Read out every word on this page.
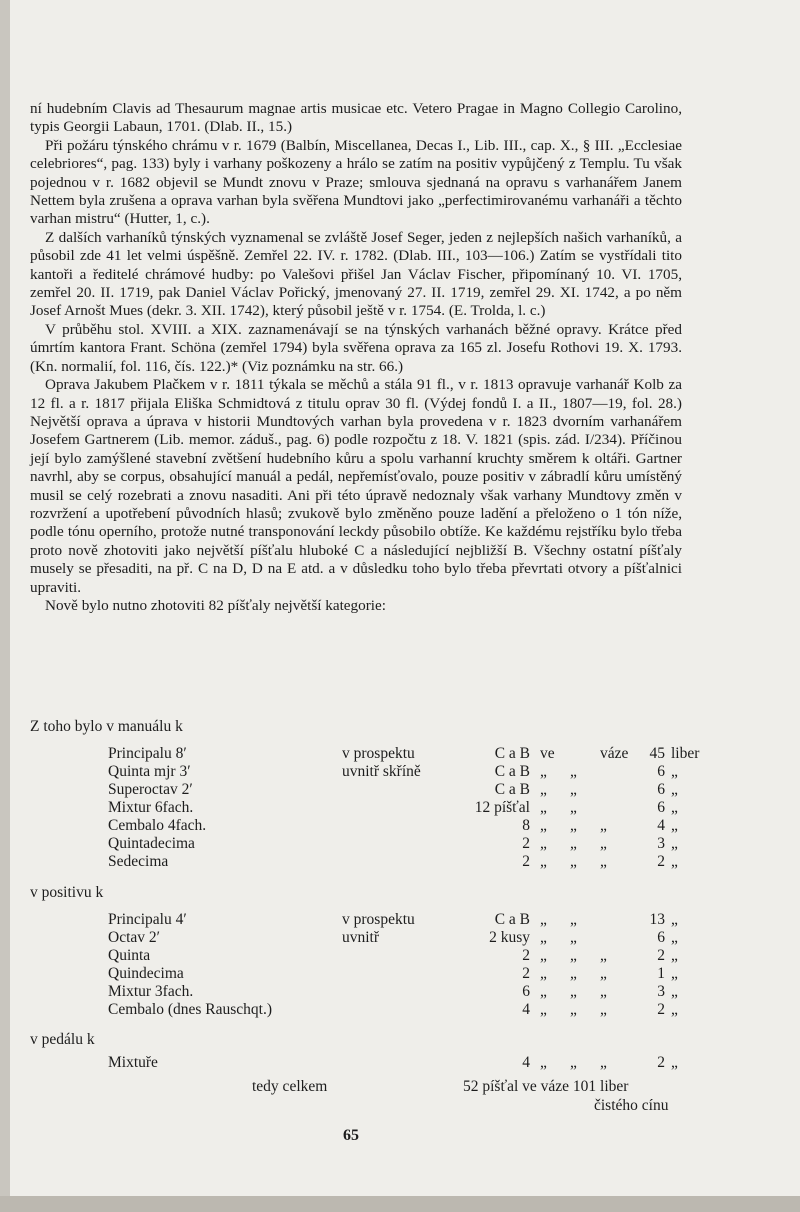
ní hudebním Clavis ad Thesaurum magnae artis musicae etc. Vetero Pragae in Magno Collegio Carolino, typis Georgii Labaun, 1701. (Dlab. II., 15.)

Při požáru týnského chrámu v r. 1679 (Balbín, Miscellanea, Decas I., Lib. III., cap. X., § III. „Ecclesiae celebriores“, pag. 133) byly i varhany poškozeny a hrálo se zatím na positiv vypůjčený z Templu. Tu však pojednou v r. 1682 objevil se Mundt znovu v Praze; smlouva sjednaná na opravu s varhanářem Janem Nettem byla zrušena a oprava varhan byla svěřena Mundtovi jako „perfectimirovanému varhanáři a těchto varhan mistru“ (Hutter, 1, c.).

Z dalších varhaníků týnských vyznamenal se zvláště Josef Seger, jeden z nejlepších našich varhaníků, a působil zde 41 let velmi úspěšně. Zemřel 22. IV. r. 1782. (Dlab. III., 103—106.) Zatím se vystřídali tito kantoři a ředitelé chrámové hudby: po Valešovi přišel Jan Václav Fischer, připomínaný 10. VI. 1705, zemřel 20. II. 1719, pak Daniel Václav Pořický, jmenovaný 27. II. 1719, zemřel 29. XI. 1742, a po něm Josef Arnošt Mues (dekr. 3. XII. 1742), který působil ještě v r. 1754. (E. Trolda, l. c.)

V průběhu stol. XVIII. a XIX. zaznamenávají se na týnských varhanách běžné opravy. Krátce před úmrtím kantora Frant. Schöna (zemřel 1794) byla svěřena oprava za 165 zl. Josefu Rothovi 19. X. 1793. (Kn. normalií, fol. 116, čís. 122.)* (Viz poznámku na str. 66.)

Oprava Jakubem Plačkem v r. 1811 týkala se měchů a stála 91 fl., v r. 1813 opravuje varhanář Kolb za 12 fl. a r. 1817 přijala Eliška Schmidtová z titulu oprav 30 fl. (Výdej fondů I. a II., 1807—19, fol. 28.) Největší oprava a úprava v historii Mundtových varhan byla provedena v r. 1823 dvorním varhanářem Josefem Gartnerem (Lib. memor. záduš., pag. 6) podle rozpočtu z 18. V. 1821 (spis. zád. I/234). Příčinou její bylo zamýšlené stavební zvětšení hudebního kůru a spolu varhanní kruchty směrem k oltáři. Gartner navrhl, aby se corpus, obsahující manuál a pedál, nepřemísťovalo, pouze positiv v zábradlí kůru umístěný musil se celý rozebrati a znovu nasaditi. Ani při této úpravě nedoznaly však varhany Mundtovy změn v rozvržení a upotřebení původních hlasů; zvukově bylo změněno pouze ladění a přeloženo o 1 tón níže, podle tónu operního, protože nutné transponování leckdy působilo obtíže. Ke každému rejstříku bylo třeba proto nově zhotoviti jako největší píšťalu hluboké C a následující nejbližší B. Všechny ostatní píšťaly musely se přesaditi, na př. C na D, D na E atd. a v důsledku toho bylo třeba převrtati otvory a píšťalnici upraviti.

Nově bylo nutno zhotoviti 82 píšťaly největší kategorie:

Z toho bylo v manuálu k
Principalu 8′	v prospektu	C a B ve	váze	45 liber
Quinta mjr 3′	uvnitř skříně	C a B „ „	6 „
Superoctav 2′	C a B „ „	6 „
Mixtur 6fach.	12 píšťal „ „	6 „
Cembalo 4fach.	8 „ „ „	4 „
Quintadecima	2 „ „ „	3 „
Sedecima	2 „ „ „	2 „
v positivu k
Principalu 4′	v prospektu	C a B „ „	13 „
Octav 2′	uvnitř	2 kusy „ „	6 „
Quinta	2 „ „ „	2 „
Quindecima	2 „ „ „	1 „
Mixtur 3fach.	6 „ „ „	3 „
Cembalo (dnes Rauschqt.)	4 „ „ „	2 „
v pedálu k
Mixtuře	4 „ „ „	2 „
tedy celkem	52 píšťal ve váze 101 liber
čistého cínu
65
